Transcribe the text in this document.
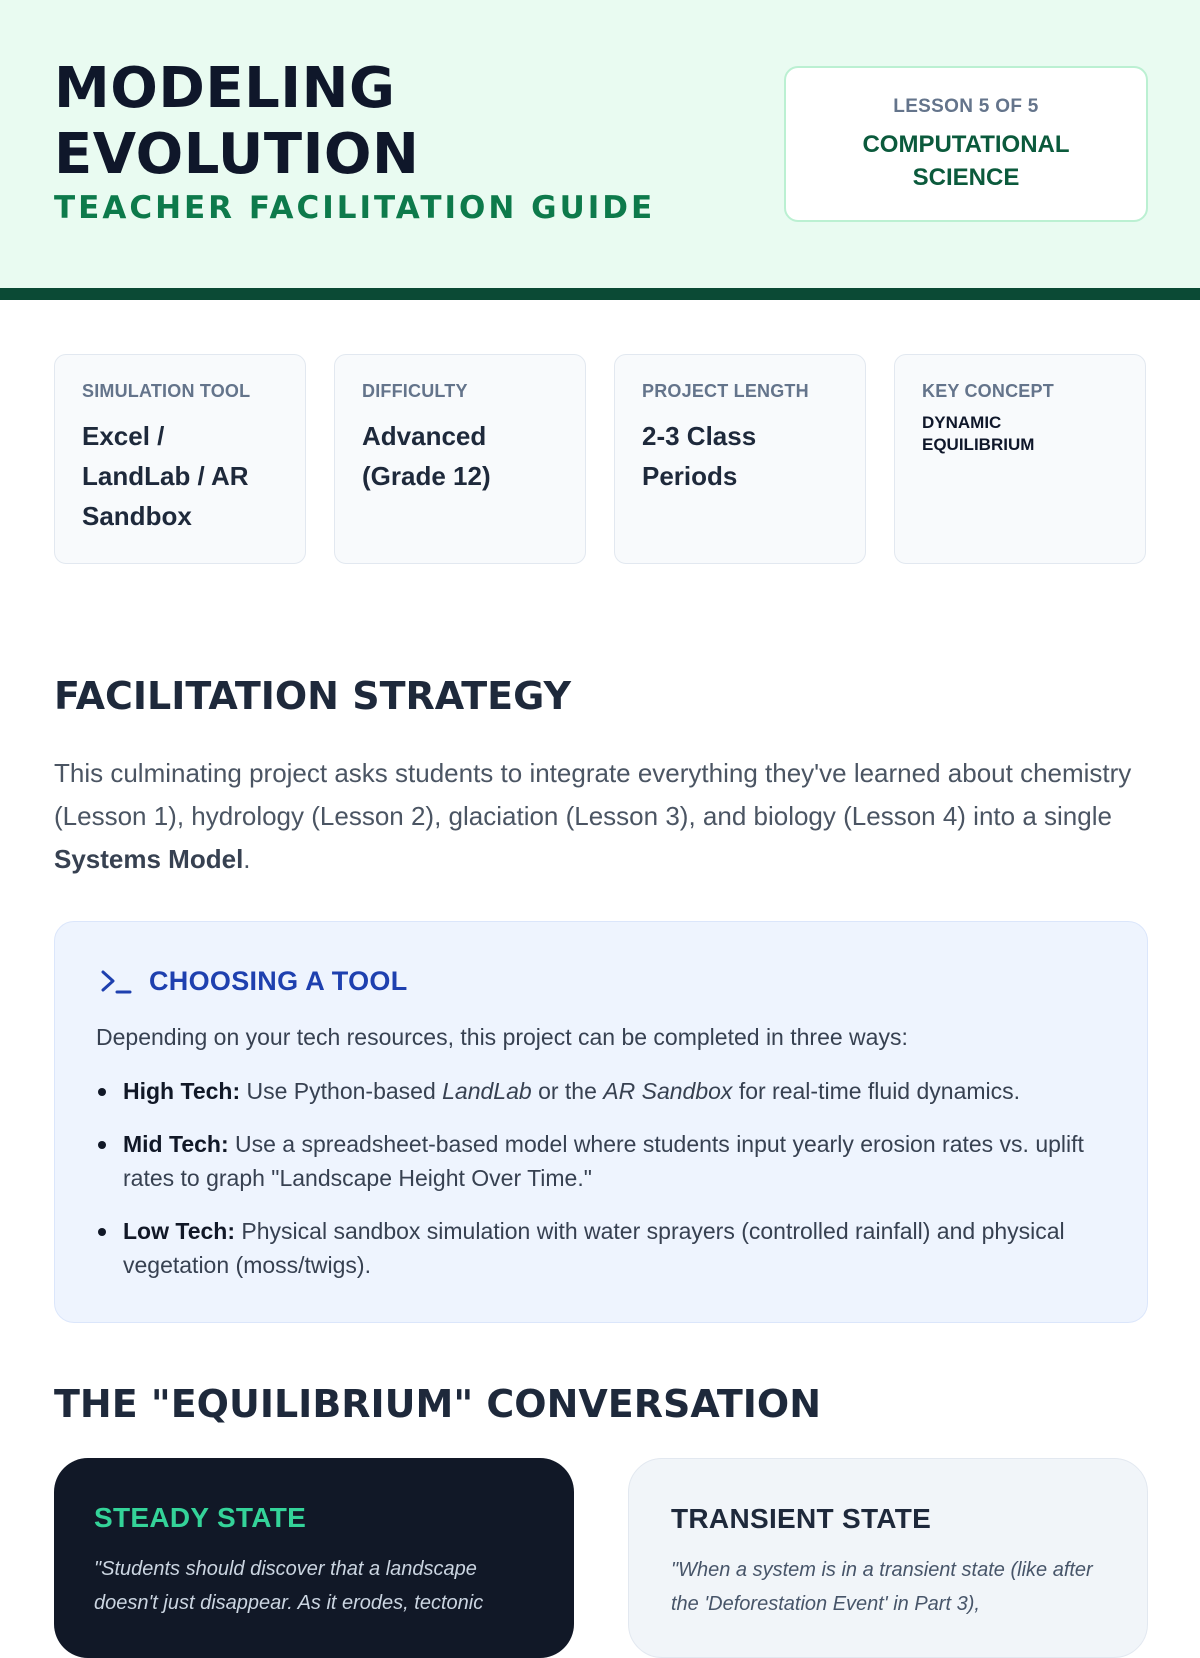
MODELING
EVOLUTION
TEACHER FACILITATION GUIDE
LESSON 5 OF 5
COMPUTATIONAL SCIENCE
SIMULATION TOOL
Excel / LandLab / AR Sandbox
DIFFICULTY
Advanced (Grade 12)
PROJECT LENGTH
2-3 Class Periods
KEY CONCEPT
DYNAMIC EQUILIBRIUM
FACILITATION STRATEGY
This culminating project asks students to integrate everything they've learned about chemistry (Lesson 1), hydrology (Lesson 2), glaciation (Lesson 3), and biology (Lesson 4) into a single Systems Model.
CHOOSING A TOOL
Depending on your tech resources, this project can be completed in three ways:
High Tech: Use Python-based LandLab or the AR Sandbox for real-time fluid dynamics.
Mid Tech: Use a spreadsheet-based model where students input yearly erosion rates vs. uplift rates to graph "Landscape Height Over Time."
Low Tech: Physical sandbox simulation with water sprayers (controlled rainfall) and physical vegetation (moss/twigs).
THE "EQUILIBRIUM" CONVERSATION
STEADY STATE
"Students should discover that a landscape doesn't just disappear. As it erodes, tectonic
TRANSIENT STATE
"When a system is in a transient state (like after the 'Deforestation Event' in Part 3),
